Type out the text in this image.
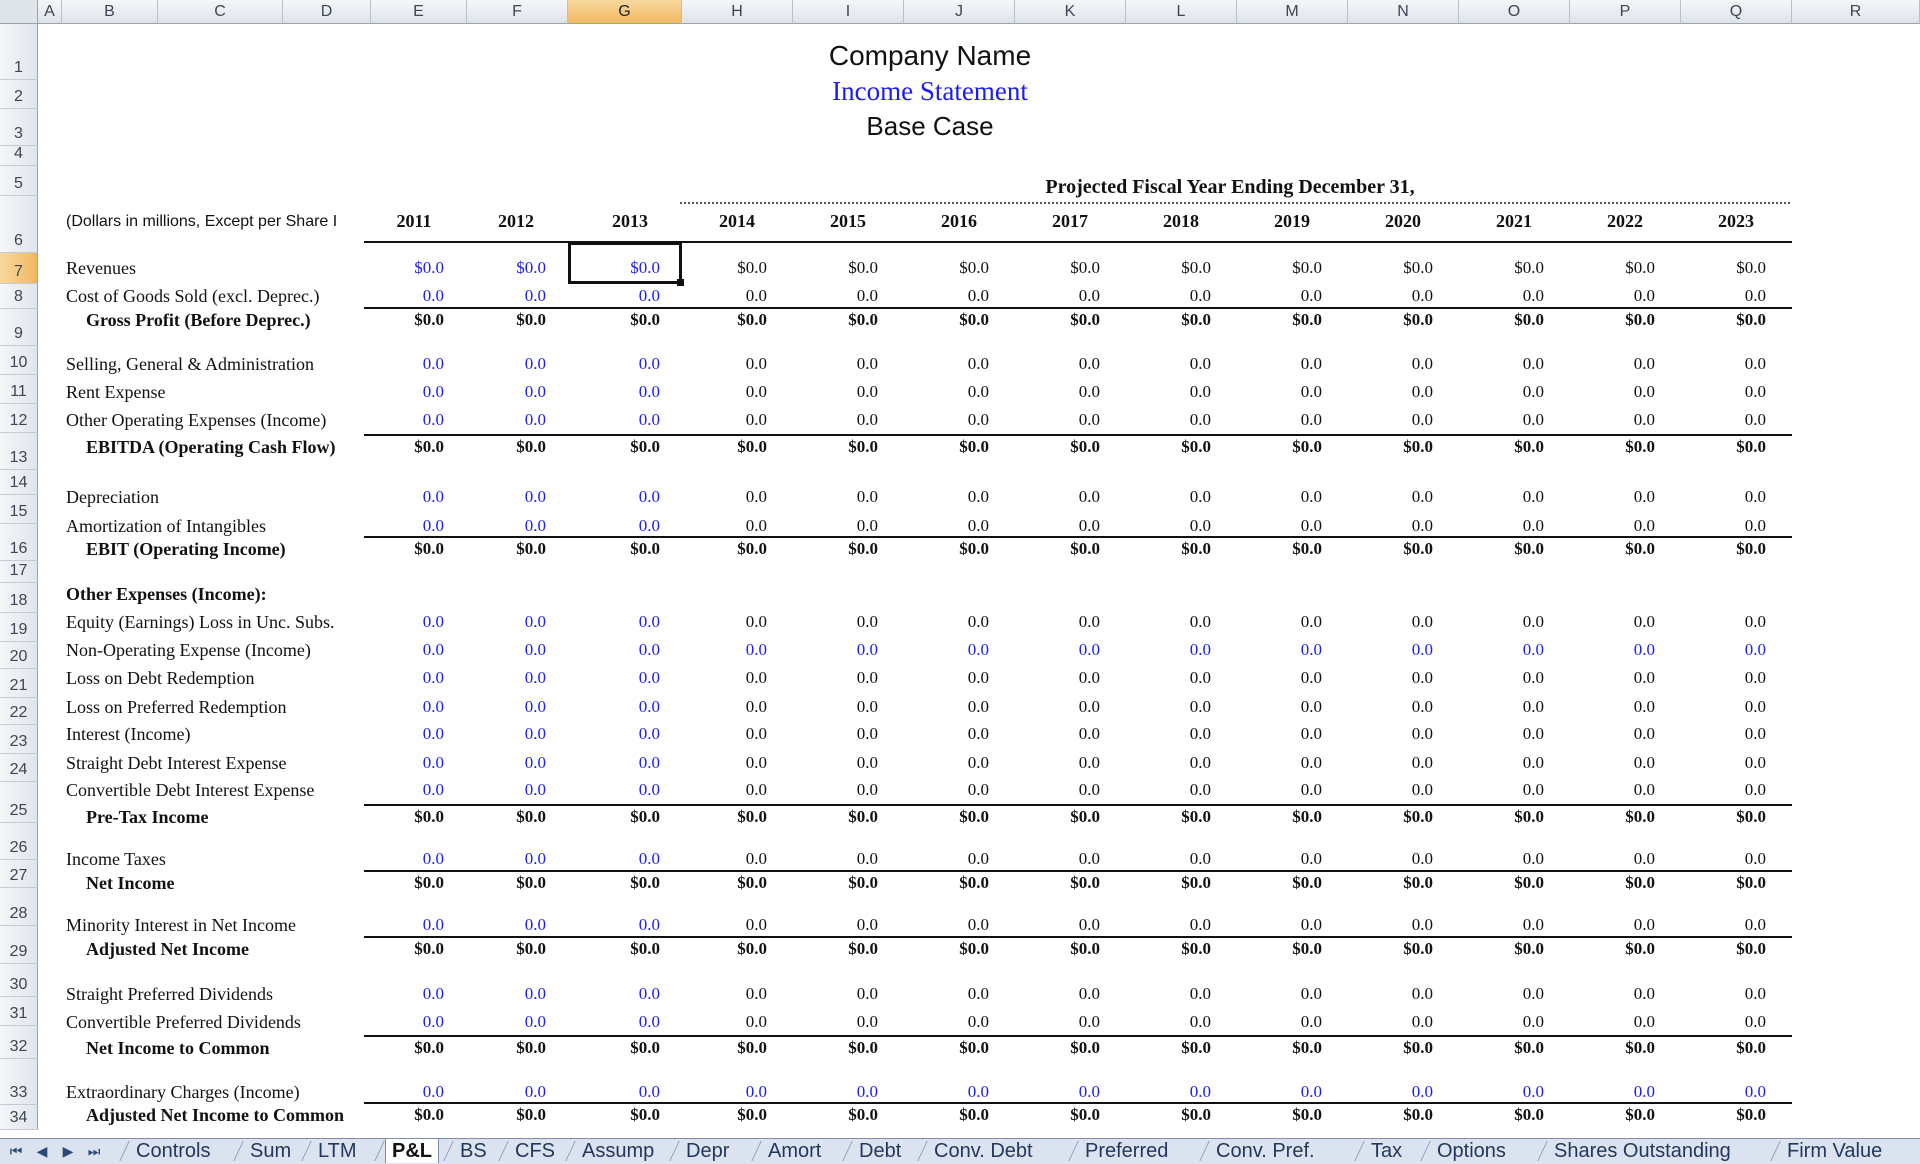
A	B	C	D	E	F	G	H	I	J	K	L	M	N	O	P	Q	R
1
2
3
4
5
6
7
8
9
10
11
12
13
14
15
16
17
18
19
20
21
22
23
24
25
26
27
28
29
30
31
32
33
34
Company Name
Income Statement
Base Case
Projected Fiscal Year Ending December 31,
(Dollars in millions, Except per Share I	2011	2012	2013	2014	2015	2016	2017	2018	2019	2020	2021	2022	2023
Revenues	$0.0	$0.0	$0.0	$0.0	$0.0	$0.0	$0.0	$0.0	$0.0	$0.0	$0.0	$0.0	$0.0
Cost of Goods Sold (excl. Deprec.)	0.0	0.0	0.0	0.0	0.0	0.0	0.0	0.0	0.0	0.0	0.0	0.0	0.0
Gross Profit (Before Deprec.)	$0.0	$0.0	$0.0	$0.0	$0.0	$0.0	$0.0	$0.0	$0.0	$0.0	$0.0	$0.0	$0.0
Selling, General & Administration	0.0	0.0	0.0	0.0	0.0	0.0	0.0	0.0	0.0	0.0	0.0	0.0	0.0
Rent Expense	0.0	0.0	0.0	0.0	0.0	0.0	0.0	0.0	0.0	0.0	0.0	0.0	0.0
Other Operating Expenses (Income)	0.0	0.0	0.0	0.0	0.0	0.0	0.0	0.0	0.0	0.0	0.0	0.0	0.0
EBITDA (Operating Cash Flow)	$0.0	$0.0	$0.0	$0.0	$0.0	$0.0	$0.0	$0.0	$0.0	$0.0	$0.0	$0.0	$0.0
Depreciation	0.0	0.0	0.0	0.0	0.0	0.0	0.0	0.0	0.0	0.0	0.0	0.0	0.0
Amortization of Intangibles	0.0	0.0	0.0	0.0	0.0	0.0	0.0	0.0	0.0	0.0	0.0	0.0	0.0
EBIT (Operating Income)	$0.0	$0.0	$0.0	$0.0	$0.0	$0.0	$0.0	$0.0	$0.0	$0.0	$0.0	$0.0	$0.0
Other Expenses (Income):
Equity (Earnings) Loss in Unc. Subs.	0.0	0.0	0.0	0.0	0.0	0.0	0.0	0.0	0.0	0.0	0.0	0.0	0.0
Non-Operating Expense (Income)	0.0	0.0	0.0	0.0	0.0	0.0	0.0	0.0	0.0	0.0	0.0	0.0	0.0
Loss on Debt Redemption	0.0	0.0	0.0	0.0	0.0	0.0	0.0	0.0	0.0	0.0	0.0	0.0	0.0
Loss on Preferred Redemption	0.0	0.0	0.0	0.0	0.0	0.0	0.0	0.0	0.0	0.0	0.0	0.0	0.0
Interest (Income)	0.0	0.0	0.0	0.0	0.0	0.0	0.0	0.0	0.0	0.0	0.0	0.0	0.0
Straight Debt Interest Expense	0.0	0.0	0.0	0.0	0.0	0.0	0.0	0.0	0.0	0.0	0.0	0.0	0.0
Convertible Debt Interest Expense	0.0	0.0	0.0	0.0	0.0	0.0	0.0	0.0	0.0	0.0	0.0	0.0	0.0
Pre-Tax Income	$0.0	$0.0	$0.0	$0.0	$0.0	$0.0	$0.0	$0.0	$0.0	$0.0	$0.0	$0.0	$0.0
Income Taxes	0.0	0.0	0.0	0.0	0.0	0.0	0.0	0.0	0.0	0.0	0.0	0.0	0.0
Net Income	$0.0	$0.0	$0.0	$0.0	$0.0	$0.0	$0.0	$0.0	$0.0	$0.0	$0.0	$0.0	$0.0
Minority Interest in Net Income	0.0	0.0	0.0	0.0	0.0	0.0	0.0	0.0	0.0	0.0	0.0	0.0	0.0
Adjusted Net Income	$0.0	$0.0	$0.0	$0.0	$0.0	$0.0	$0.0	$0.0	$0.0	$0.0	$0.0	$0.0	$0.0
Straight Preferred Dividends	0.0	0.0	0.0	0.0	0.0	0.0	0.0	0.0	0.0	0.0	0.0	0.0	0.0
Convertible Preferred Dividends	0.0	0.0	0.0	0.0	0.0	0.0	0.0	0.0	0.0	0.0	0.0	0.0	0.0
Net Income to Common	$0.0	$0.0	$0.0	$0.0	$0.0	$0.0	$0.0	$0.0	$0.0	$0.0	$0.0	$0.0	$0.0
Extraordinary Charges (Income)	0.0	0.0	0.0	0.0	0.0	0.0	0.0	0.0	0.0	0.0	0.0	0.0	0.0
Adjusted Net Income to Common	$0.0	$0.0	$0.0	$0.0	$0.0	$0.0	$0.0	$0.0	$0.0	$0.0	$0.0	$0.0	$0.0
⏮	◀	▶	⏭	Controls	Sum	LTM	P&L	BS	CFS	Assump	Depr	Amort	Debt	Conv. Debt	Preferred	Conv. Pref.	Tax	Options	Shares Outstanding	Firm Value
